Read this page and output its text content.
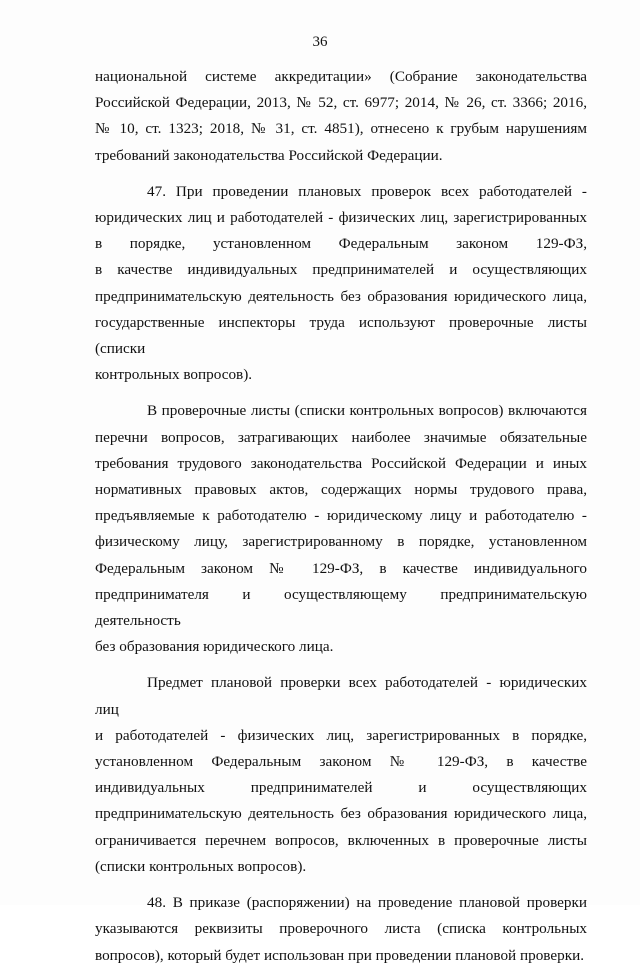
36
национальной системе аккредитации» (Собрание законодательства
Российской Федерации, 2013, № 52, ст. 6977; 2014, № 26, ст. 3366; 2016,
№ 10, ст. 1323; 2018, № 31, ст. 4851), отнесено к грубым нарушениям
требований законодательства Российской Федерации.
47. При проведении плановых проверок всех работодателей -
юридических лиц и работодателей - физических лиц, зарегистрированных
в порядке, установленном Федеральным законом 129-ФЗ,
в качестве индивидуальных предпринимателей и осуществляющих
предпринимательскую деятельность без образования юридического лица,
государственные инспекторы труда используют проверочные листы (списки
контрольных вопросов).
В проверочные листы (списки контрольных вопросов) включаются
перечни вопросов, затрагивающих наиболее значимые обязательные
требования трудового законодательства Российской Федерации и иных
нормативных правовых актов, содержащих нормы трудового права,
предъявляемые к работодателю - юридическому лицу и работодателю -
физическому лицу, зарегистрированному в порядке, установленном
Федеральным законом № 129-ФЗ, в качестве индивидуального
предпринимателя и осуществляющему предпринимательскую деятельность
без образования юридического лица.
Предмет плановой проверки всех работодателей - юридических лиц
и работодателей - физических лиц, зарегистрированных в порядке,
установленном Федеральным законом № 129-ФЗ, в качестве
индивидуальных предпринимателей и осуществляющих
предпринимательскую деятельность без образования юридического лица,
ограничивается перечнем вопросов, включенных в проверочные листы
(списки контрольных вопросов).
48. В приказе (распоряжении) на проведение плановой проверки
указываются реквизиты проверочного листа (списка контрольных
вопросов), который будет использован при проведении плановой проверки.
